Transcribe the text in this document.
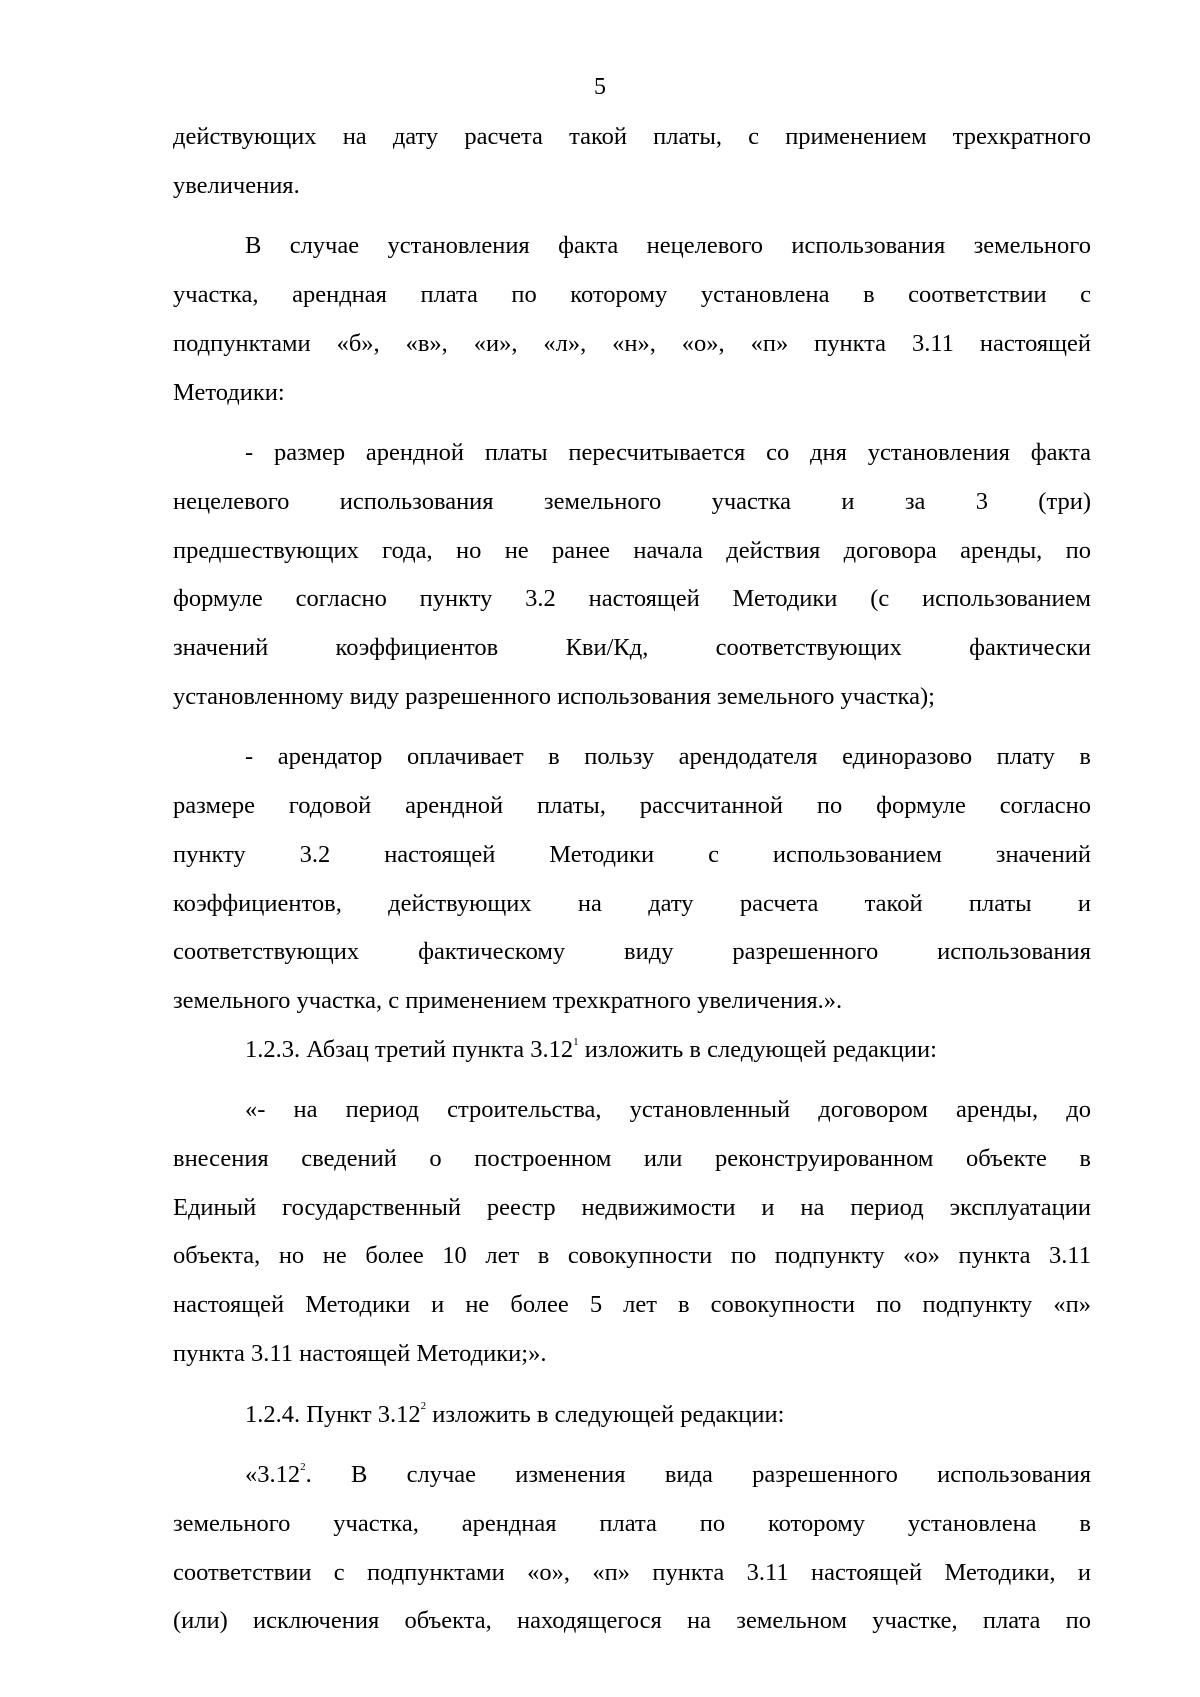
5

действующих на дату расчета такой платы, с применением трехкратного
увеличения.

В случае установления факта нецелевого использования земельного
участка, арендная плата по которому установлена в соответствии с
подпунктами «б», «в», «и», «л», «н», «о», «п» пункта 3.11 настоящей
Методики:

- размер арендной платы пересчитывается со дня установления факта
нецелевого использования земельного участка и за 3 (три)
предшествующих года, но не ранее начала действия договора аренды, по
формуле согласно пункту 3.2 настоящей Методики (с использованием
значений коэффициентов Кви/Кд, соответствующих фактически
установленному виду разрешенного использования земельного участка);

- арендатор оплачивает в пользу арендодателя единоразово плату в
размере годовой арендной платы, рассчитанной по формуле согласно
пункту 3.2 настоящей Методики с использованием значений
коэффициентов, действующих на дату расчета такой платы и
соответствующих фактическому виду разрешенного использования
земельного участка, с применением трехкратного увеличения.».

1.2.3. Абзац третий пункта 3.12$^1$ изложить в следующей редакции:

«- на период строительства, установленный договором аренды, до
внесения сведений о построенном или реконструированном объекте в
Единый государственный реестр недвижимости и на период эксплуатации
объекта, но не более 10 лет в совокупности по подпункту «о» пункта 3.11
настоящей Методики и не более 5 лет в совокупности по подпункту «п»
пункта 3.11 настоящей Методики;».

1.2.4. Пункт 3.12$^2$ изложить в следующей редакции:

«3.12$^2$. В случае изменения вида разрешенного использования
земельного участка, арендная плата по которому установлена в
соответствии с подпунктами «о», «п» пункта 3.11 настоящей Методики, и
(или) исключения объекта, находящегося на земельном участке, плата по
